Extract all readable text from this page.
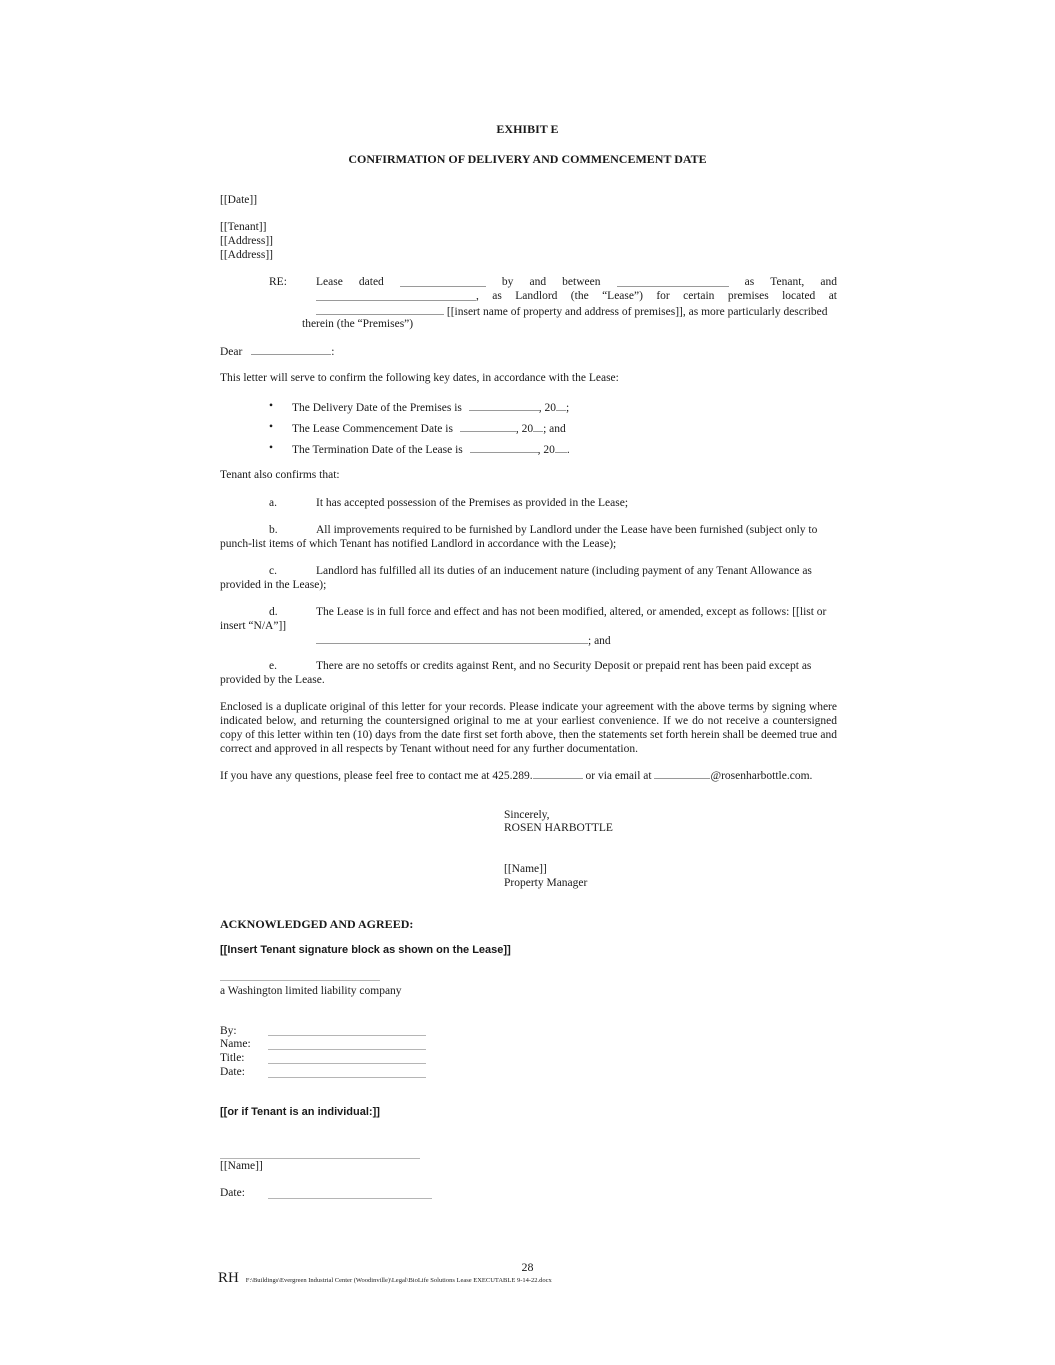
EXHIBIT E
CONFIRMATION OF DELIVERY AND COMMENCEMENT DATE
[[Date]]
[[Tenant]]
[[Address]]
[[Address]]
RE:	Lease dated	by and between	as Tenant, and
, as Landlord (the “Lease”) for certain premises located at
[[insert name of property and address of premises]], as more particularly described
therein (the “Premises”)
Dear	:
This letter will serve to confirm the following key dates, in accordance with the Lease:
• The Delivery Date of the Premises is	, 20 ;
• The Lease Commencement Date is	, 20 ; and
• The Termination Date of the Lease is	, 20 .
Tenant also confirms that:
a.	It has accepted possession of the Premises as provided in the Lease;
b.	All improvements required to be furnished by Landlord under the Lease have been furnished (subject only to
punch-list items of which Tenant has notified Landlord in accordance with the Lease);
c.	Landlord has fulfilled all its duties of an inducement nature (including payment of any Tenant Allowance as
provided in the Lease);
d.	The Lease is in full force and effect and has not been modified, altered, or amended, except as follows: [[list or
insert “N/A”]]
; and
e.	There are no setoffs or credits against Rent, and no Security Deposit or prepaid rent has been paid except as
provided by the Lease.
Enclosed is a duplicate original of this letter for your records. Please indicate your agreement with the above terms by signing where indicated below, and returning the countersigned original to me at your earliest convenience. If we do not receive a countersigned copy of this letter within ten (10) days from the date first set forth above, then the statements set forth herein shall be deemed true and correct and approved in all respects by Tenant without need for any further documentation.
If you have any questions, please feel free to contact me at 425.289.	or via email at	@rosenharbottle.com.
Sincerely,
ROSEN HARBOTTLE
[[Name]]
Property Manager
ACKNOWLEDGED AND AGREED:
[[Insert Tenant signature block as shown on the Lease]]
a Washington limited liability company
By:
Name:
Title:
Date:
[[or if Tenant is an individual:]]
[[Name]]
Date:
28
RH F:\Buildings\Evergreen Industrial Center (Woodinville)\Legal\BioLife Solutions Lease EXECUTABLE 9-14-22.docx
